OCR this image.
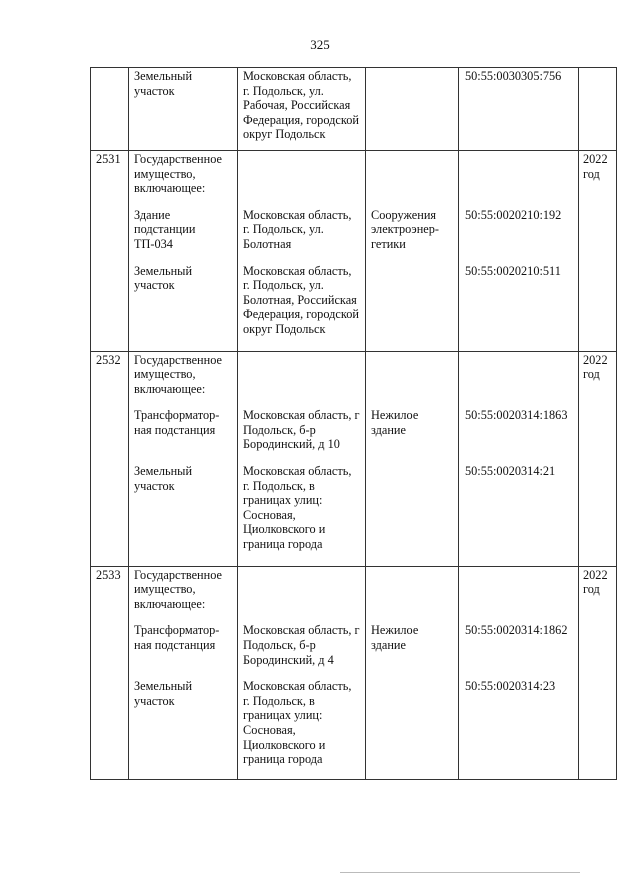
325
	Земельный участок	Московская область, г. Подольск, ул. Рабочая, Российская Федерация, городской округ Подольск		50:55:0030305:756	

2531	Государственное имущество, включающее:				2022 год
	Здание подстанции ТП-034	Московская область, г. Подольск, ул. Болотная	Сооружения электроэнер-гетики	50:55:0020210:192	
	Земельный участок	Московская область, г. Подольск, ул. Болотная, Российская Федерация, городской округ Подольск		50:55:0020210:511	

2532	Государственное имущество, включающее:				2022 год
	Трансформатор-ная подстанция	Московская область, г Подольск, б-р Бородинский, д 10	Нежилое здание	50:55:0020314:1863	
	Земельный участок	Московская область, г. Подольск, в границах улиц: Сосновая, Циолковского и граница города		50:55:0020314:21	

2533	Государственное имущество, включающее:				2022 год
	Трансформатор-ная подстанция	Московская область, г Подольск, б-р Бородинский, д 4	Нежилое здание	50:55:0020314:1862	
	Земельный участок	Московская область, г. Подольск, в границах улиц: Сосновая, Циолковского и граница города		50:55:0020314:23	
